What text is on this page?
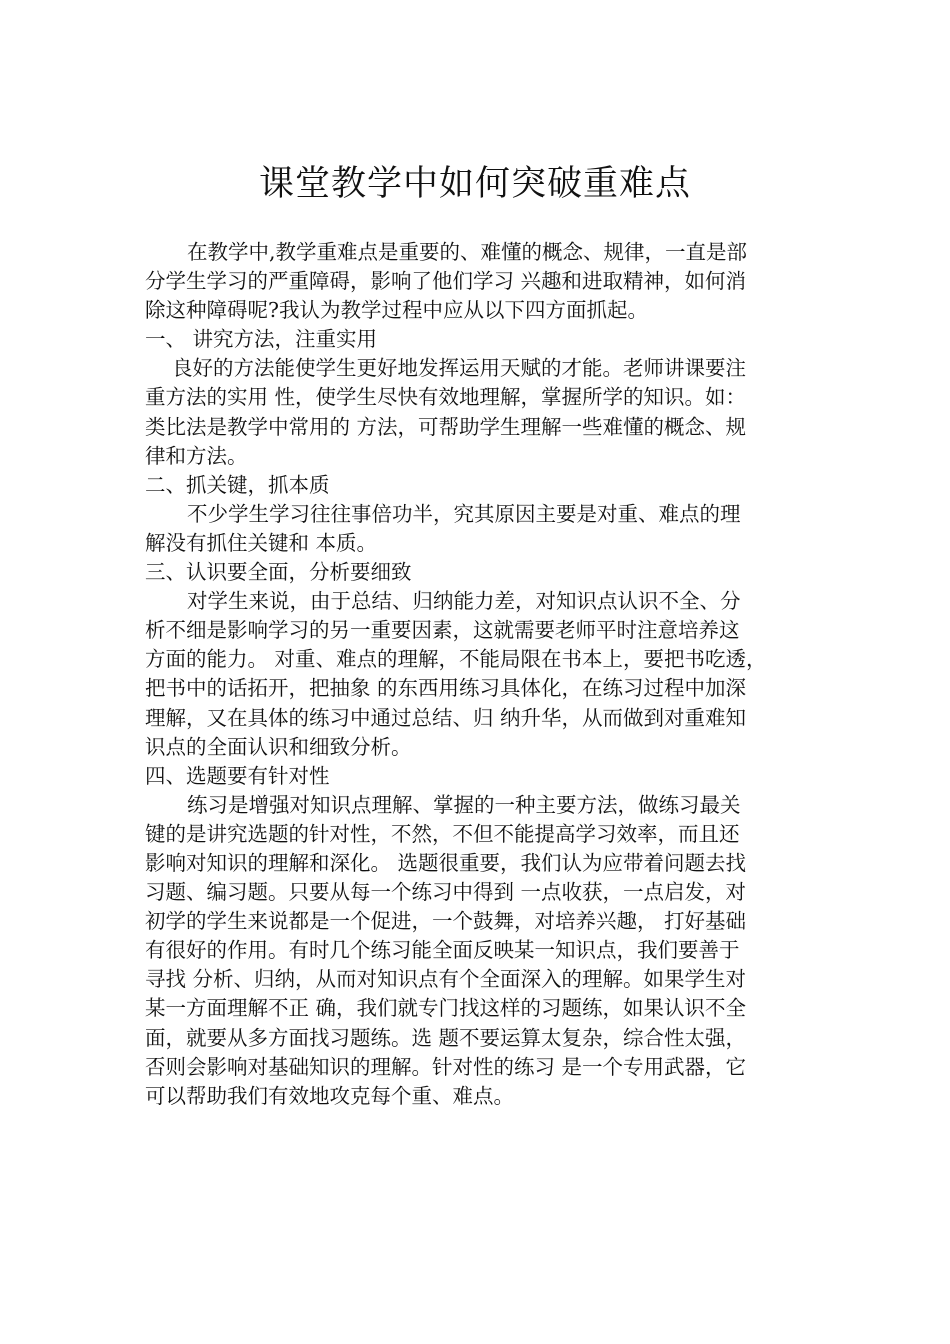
课堂教学中如何突破重难点
在教学中,教学重难点是重要的、难懂的概念、规律，一直是部
分学生学习的严重障碍，影响了他们学习 兴趣和进取精神，如何消
除这种障碍呢?我认为教学过程中应从以下四方面抓起。
一、 讲究方法，注重实用
良好的方法能使学生更好地发挥运用天赋的才能。老师讲课要注
重方法的实用 性，使学生尽快有效地理解，掌握所学的知识。如：
类比法是教学中常用的 方法，可帮助学生理解一些难懂的概念、规
律和方法。
二、抓关键，抓本质
不少学生学习往往事倍功半，究其原因主要是对重、难点的理
解没有抓住关键和 本质。
三、认识要全面，分析要细致
对学生来说，由于总结、归纳能力差，对知识点认识不全、分
析不细是影响学习的另一重要因素，这就需要老师平时注意培养这
方面的能力。 对重、难点的理解，不能局限在书本上，要把书吃透，
把书中的话拓开，把抽象 的东西用练习具体化，在练习过程中加深
理解，又在具体的练习中通过总结、归 纳升华，从而做到对重难知
识点的全面认识和细致分析。
四、选题要有针对性
练习是增强对知识点理解、掌握的一种主要方法，做练习最关
键的是讲究选题的针对性，不然，不但不能提高学习效率，而且还
影响对知识的理解和深化。 选题很重要，我们认为应带着问题去找
习题、编习题。只要从每一个练习中得到 一点收获，一点启发，对
初学的学生来说都是一个促进，一个鼓舞，对培养兴趣， 打好基础
有很好的作用。有时几个练习能全面反映某一知识点，我们要善于
寻找 分析、归纳，从而对知识点有个全面深入的理解。如果学生对
某一方面理解不正 确，我们就专门找这样的习题练，如果认识不全
面，就要从多方面找习题练。选 题不要运算太复杂，综合性太强，
否则会影响对基础知识的理解。针对性的练习 是一个专用武器，它
可以帮助我们有效地攻克每个重、难点。
